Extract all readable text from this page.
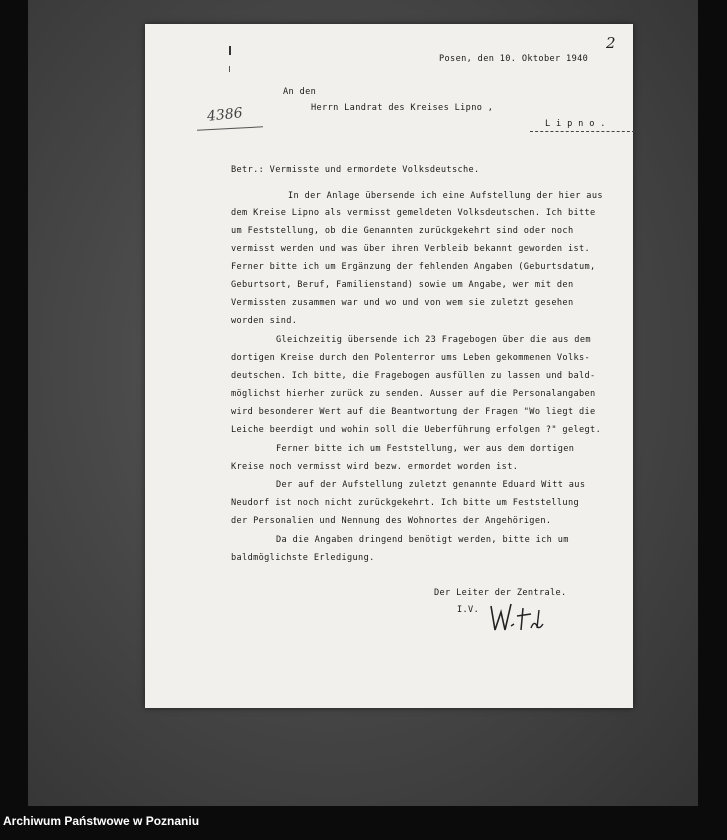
2
Posen, den 10. Oktober 1940
An den
Herrn Landrat des Kreises Lipno ,
4386	L i p n o .
Betr.: Vermisste und ermordete Volksdeutsche.
In der Anlage übersende ich eine Aufstellung der hier aus
dem Kreise Lipno als vermisst gemeldeten Volksdeutschen. Ich bitte
um Feststellung, ob die Genannten zurückgekehrt sind oder noch
vermisst werden und was über ihren Verbleib bekannt geworden ist.
Ferner bitte ich um Ergänzung der fehlenden Angaben (Geburtsdatum,
Geburtsort, Beruf, Familienstand) sowie um Angabe, wer mit den
Vermissten zusammen war und wo und von wem sie zuletzt gesehen
worden sind.
Gleichzeitig übersende ich 23 Fragebogen über die aus dem
dortigen Kreise durch den Polenterror ums Leben gekommenen Volks-
deutschen. Ich bitte, die Fragebogen ausfüllen zu lassen und bald-
möglichst hierher zurück zu senden. Ausser auf die Personalangaben
wird besonderer Wert auf die Beantwortung der Fragen "Wo liegt die
Leiche beerdigt und wohin soll die Ueberführung erfolgen ?" gelegt.
Ferner bitte ich um Feststellung, wer aus dem dortigen
Kreise noch vermisst wird bezw. ermordet worden ist.
Der auf der Aufstellung zuletzt genannte Eduard Witt aus
Neudorf ist noch nicht zurückgekehrt. Ich bitte um Feststellung
der Personalien und Nennung des Wohnortes der Angehörigen.
Da die Angaben dringend benötigt werden, bitte ich um
baldmöglichste Erledigung.
Der Leiter der Zentrale.
I.V.
Archiwum Państwowe w Poznaniu
